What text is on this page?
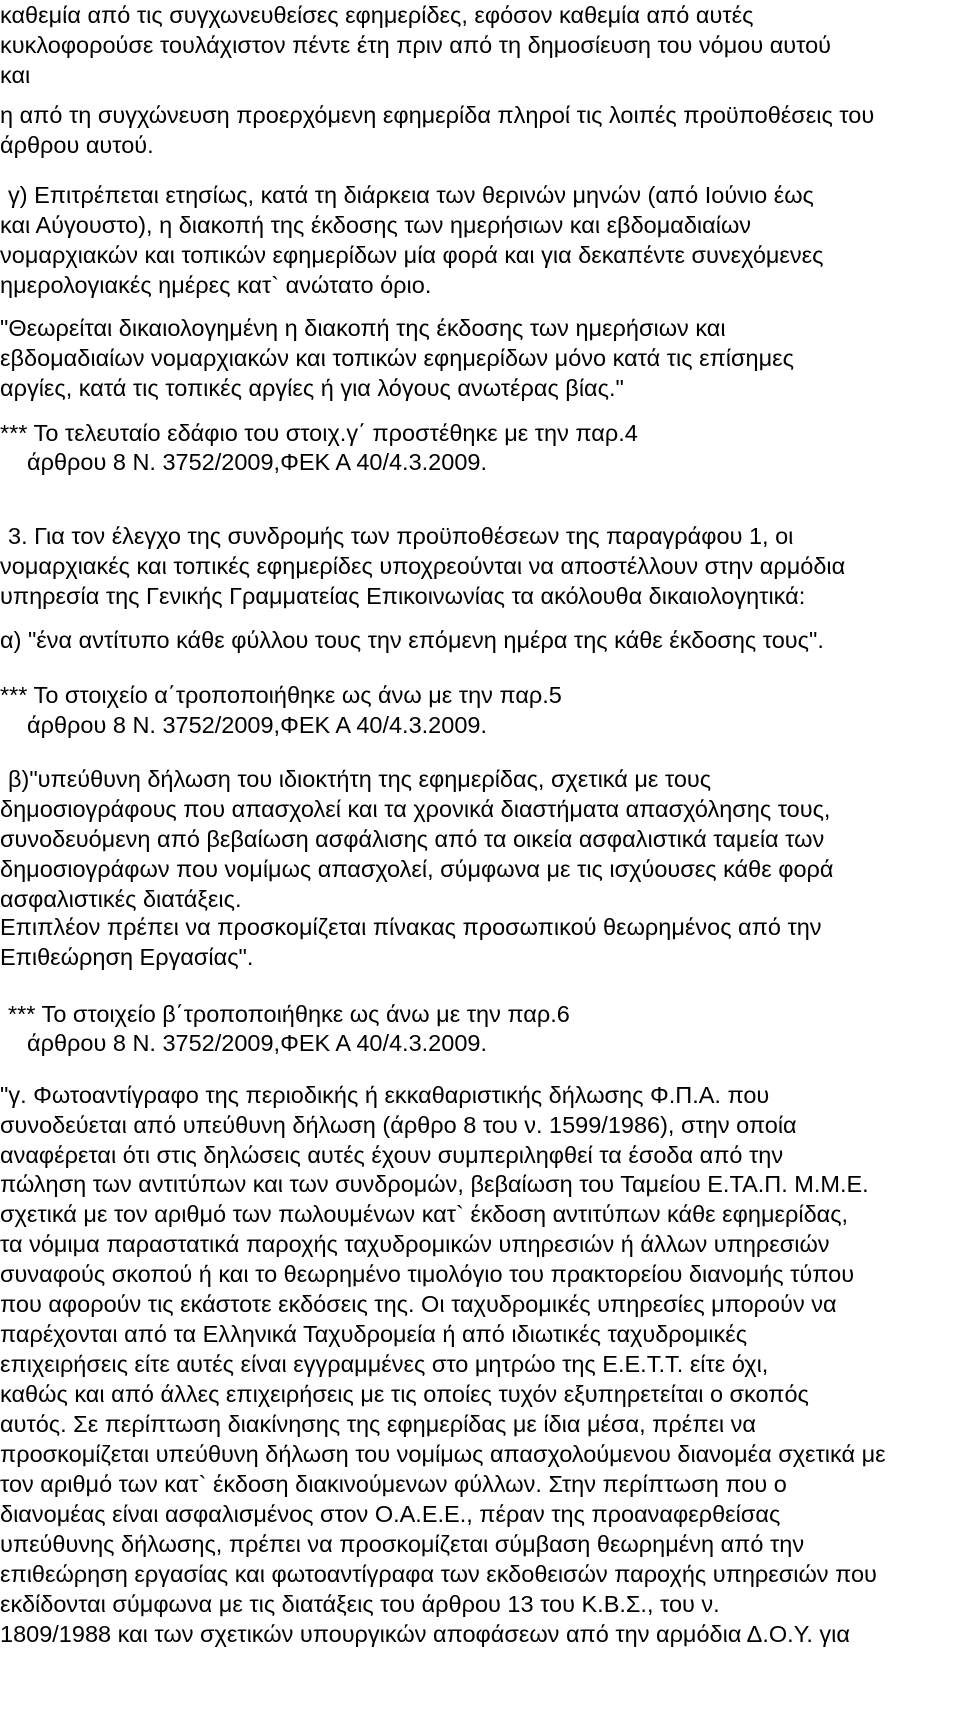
καθεμία από τις συγχωνευθείσες εφημερίδες, εφόσον καθεμία από αυτές

κυκλοφορούσε τουλάχιστον πέντε έτη πριν από τη δημοσίευση του νόμου αυτού

και

η από τη συγχώνευση προερχόμενη εφημερίδα πληροί τις λοιπές προϋποθέσεις του

άρθρου αυτού.

γ) Επιτρέπεται ετησίως, κατά τη διάρκεια των θερινών μηνών (από Ιούνιο έως

και Αύγουστο), η διακοπή της έκδοσης των ημερήσιων και εβδομαδιαίων

νομαρχιακών και τοπικών εφημερίδων μία φορά και για δεκαπέντε συνεχόμενες

ημερολογιακές ημέρες κατ` ανώτατο όριο.

"Θεωρείται δικαιολογημένη η διακοπή της έκδοσης των ημερήσιων και

εβδομαδιαίων νομαρχιακών και τοπικών εφημερίδων μόνο κατά τις επίσημες

αργίες, κατά τις τοπικές αργίες ή για λόγους ανωτέρας βίας."

*** Το τελευταίο εδάφιο του στοιχ.γ΄ προστέθηκε με την παρ.4

άρθρου 8 Ν. 3752/2009,ΦΕΚ Α 40/4.3.2009.

3. Για τον έλεγχο της συνδρομής των προϋποθέσεων της παραγράφου 1, οι

νομαρχιακές και τοπικές εφημερίδες υποχρεούνται να αποστέλλουν στην αρμόδια

υπηρεσία της Γενικής Γραμματείας Επικοινωνίας τα ακόλουθα δικαιολογητικά:

α) "ένα αντίτυπο κάθε φύλλου τους την επόμενη ημέρα της κάθε έκδοσης τους".

*** Το στοιχείο α΄τροποποιήθηκε ως άνω με την παρ.5

άρθρου 8 Ν. 3752/2009,ΦΕΚ Α 40/4.3.2009.

β)"υπεύθυνη δήλωση του ιδιοκτήτη της εφημερίδας, σχετικά με τους

δημοσιογράφους που απασχολεί και τα χρονικά διαστήματα απασχόλησης τους,

συνοδευόμενη από βεβαίωση ασφάλισης από τα οικεία ασφαλιστικά ταμεία των

δημοσιογράφων που νομίμως απασχολεί, σύμφωνα με τις ισχύουσες κάθε φορά

ασφαλιστικές διατάξεις.

Επιπλέον πρέπει να προσκομίζεται πίνακας προσωπικού θεωρημένος από την

Επιθεώρηση Εργασίας".

*** Το στοιχείο β΄τροποποιήθηκε ως άνω με την παρ.6

άρθρου 8 Ν. 3752/2009,ΦΕΚ Α 40/4.3.2009.

"γ. Φωτοαντίγραφο της περιοδικής ή εκκαθαριστικής δήλωσης Φ.Π.Α. που

συνοδεύεται από υπεύθυνη δήλωση (άρθρο 8 του ν. 1599/1986), στην οποία

αναφέρεται ότι στις δηλώσεις αυτές έχουν συμπεριληφθεί τα έσοδα από την

πώληση των αντιτύπων και των συνδρομών, βεβαίωση του Ταμείου Ε.ΤΑ.Π. Μ.Μ.Ε.

σχετικά με τον αριθμό των πωλουμένων κατ` έκδοση αντιτύπων κάθε εφημερίδας,

τα νόμιμα παραστατικά παροχής ταχυδρομικών υπηρεσιών ή άλλων υπηρεσιών

συναφούς σκοπού ή και το θεωρημένο τιμολόγιο του πρακτορείου διανομής τύπου

που αφορούν τις εκάστοτε εκδόσεις της. Οι ταχυδρομικές υπηρεσίες μπορούν να

παρέχονται από τα Ελληνικά Ταχυδρομεία ή από ιδιωτικές ταχυδρομικές

επιχειρήσεις είτε αυτές είναι εγγραμμένες στο μητρώο της Ε.Ε.Τ.Τ. είτε όχι,

καθώς και από άλλες επιχειρήσεις με τις οποίες τυχόν εξυπηρετείται ο σκοπός

αυτός. Σε περίπτωση διακίνησης της εφημερίδας με ίδια μέσα, πρέπει να

προσκομίζεται υπεύθυνη δήλωση του νομίμως απασχολούμενου διανομέα σχετικά με

τον αριθμό των κατ` έκδοση διακινούμενων φύλλων. Στην περίπτωση που ο

διανομέας είναι ασφαλισμένος στον Ο.Α.Ε.Ε., πέραν της προαναφερθείσας

υπεύθυνης δήλωσης, πρέπει να προσκομίζεται σύμβαση θεωρημένη από την

επιθεώρηση εργασίας και φωτοαντίγραφα των εκδοθεισών παροχής υπηρεσιών που

εκδίδονται σύμφωνα με τις διατάξεις του άρθρου 13 του Κ.Β.Σ., του ν.

1809/1988 και των σχετικών υπουργικών αποφάσεων από την αρμόδια Δ.Ο.Υ. για
